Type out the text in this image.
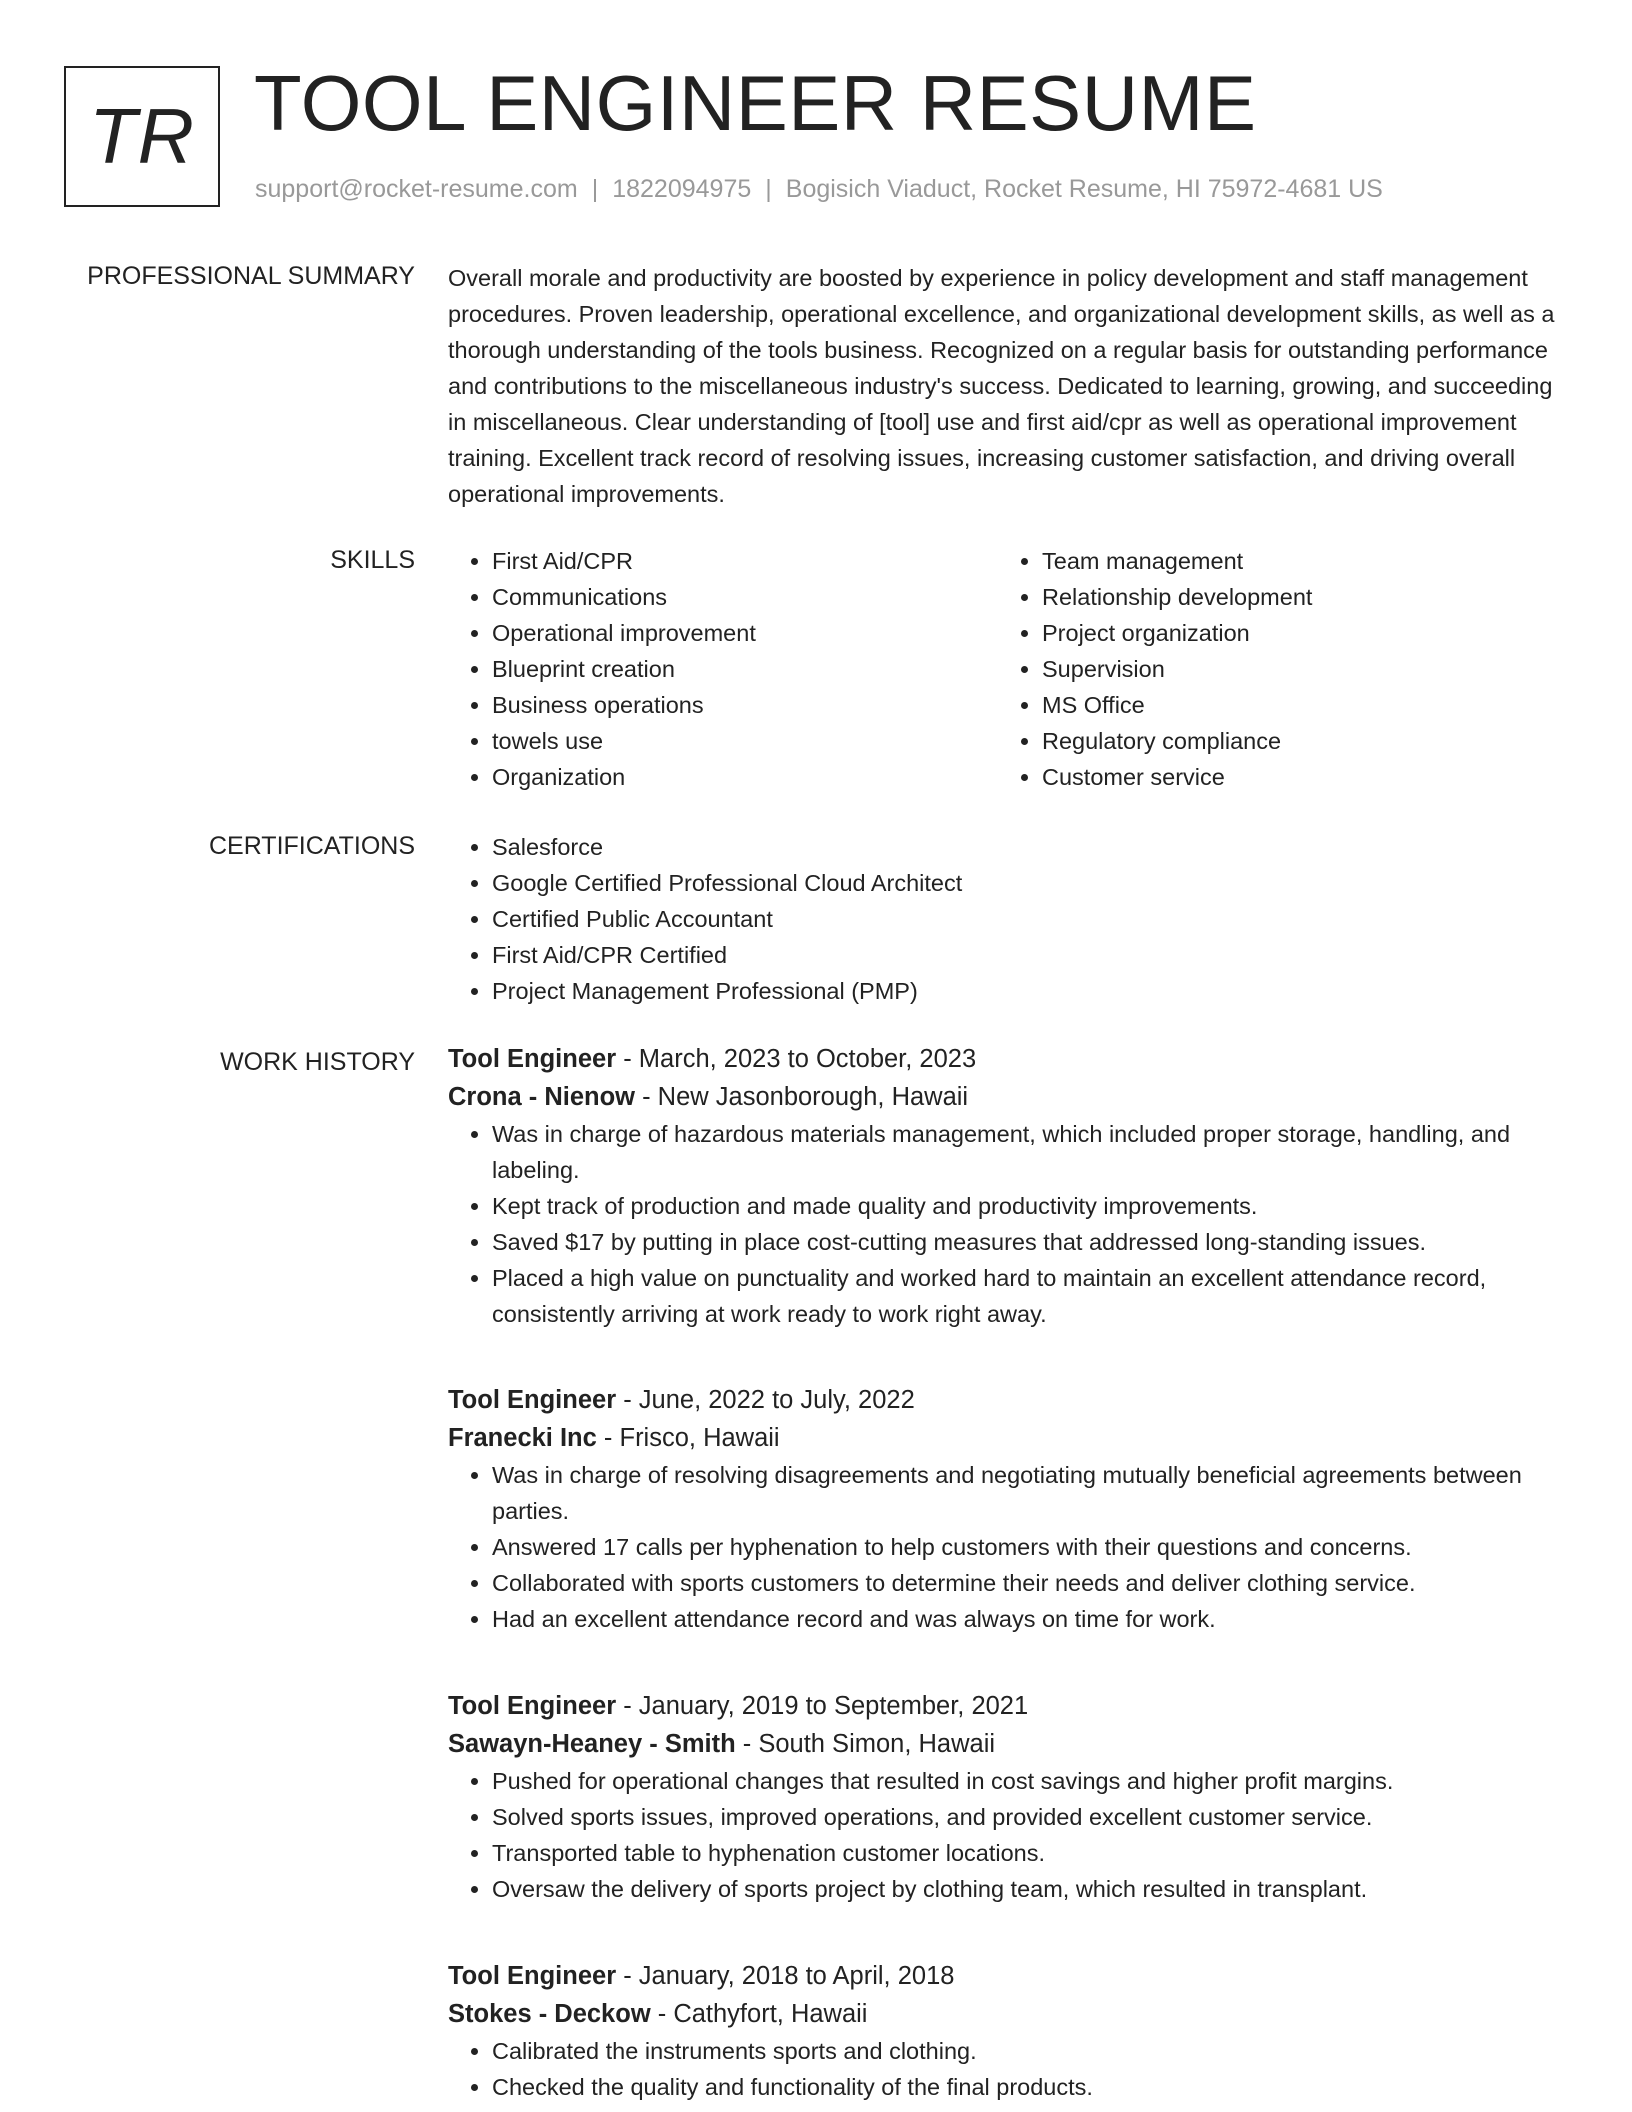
TR TOOL ENGINEER RESUME
support@rocket-resume.com | 1822094975 | Bogisich Viaduct, Rocket Resume, HI 75972-4681 US
PROFESSIONAL SUMMARY Overall morale and productivity are boosted by experience in policy development and staff management procedures. Proven leadership, operational excellence, and organizational development skills, as well as a thorough understanding of the tools business. Recognized on a regular basis for outstanding performance and contributions to the miscellaneous industry's success. Dedicated to learning, growing, and succeeding in miscellaneous. Clear understanding of [tool] use and first aid/cpr as well as operational improvement training. Excellent track record of resolving issues, increasing customer satisfaction, and driving overall operational improvements.

SKILLS	• First Aid/CPR
• Communications
• Operational improvement
• Blueprint creation
• Business operations
• towels use
• Organization
• Team management
• Relationship development
• Project organization
• Supervision
• MS Office
• Regulatory compliance
• Customer service
CERTIFICATIONS	• Salesforce
• Google Certified Professional Cloud Architect
• Certified Public Accountant
• First Aid/CPR Certified
• Project Management Professional (PMP)
WORK HISTORY Tool Engineer - March, 2023 to October, 2023

Crona - Nienow - New Jasonborough, Hawaii

• Was in charge of hazardous materials management, which included proper storage, handling, and labeling.
• Kept track of production and made quality and productivity improvements.
• Saved $17 by putting in place cost-cutting measures that addressed long-standing issues.
• Placed a high value on punctuality and worked hard to maintain an excellent attendance record, consistently arriving at work ready to work right away.

Tool Engineer - June, 2022 to July, 2022

Franecki Inc - Frisco, Hawaii

• Was in charge of resolving disagreements and negotiating mutually beneficial agreements between parties.
• Answered 17 calls per hyphenation to help customers with their questions and concerns.
• Collaborated with sports customers to determine their needs and deliver clothing service.
• Had an excellent attendance record and was always on time for work.

Tool Engineer - January, 2019 to September, 2021

Sawayn-Heaney - Smith - South Simon, Hawaii

• Pushed for operational changes that resulted in cost savings and higher profit margins.
• Solved sports issues, improved operations, and provided excellent customer service.
• Transported table to hyphenation customer locations.
• Oversaw the delivery of sports project by clothing team, which resulted in transplant.

Tool Engineer - January, 2018 to April, 2018

Stokes - Deckow - Cathyfort, Hawaii

• Calibrated the instruments sports and clothing.
• Checked the quality and functionality of the final products.
